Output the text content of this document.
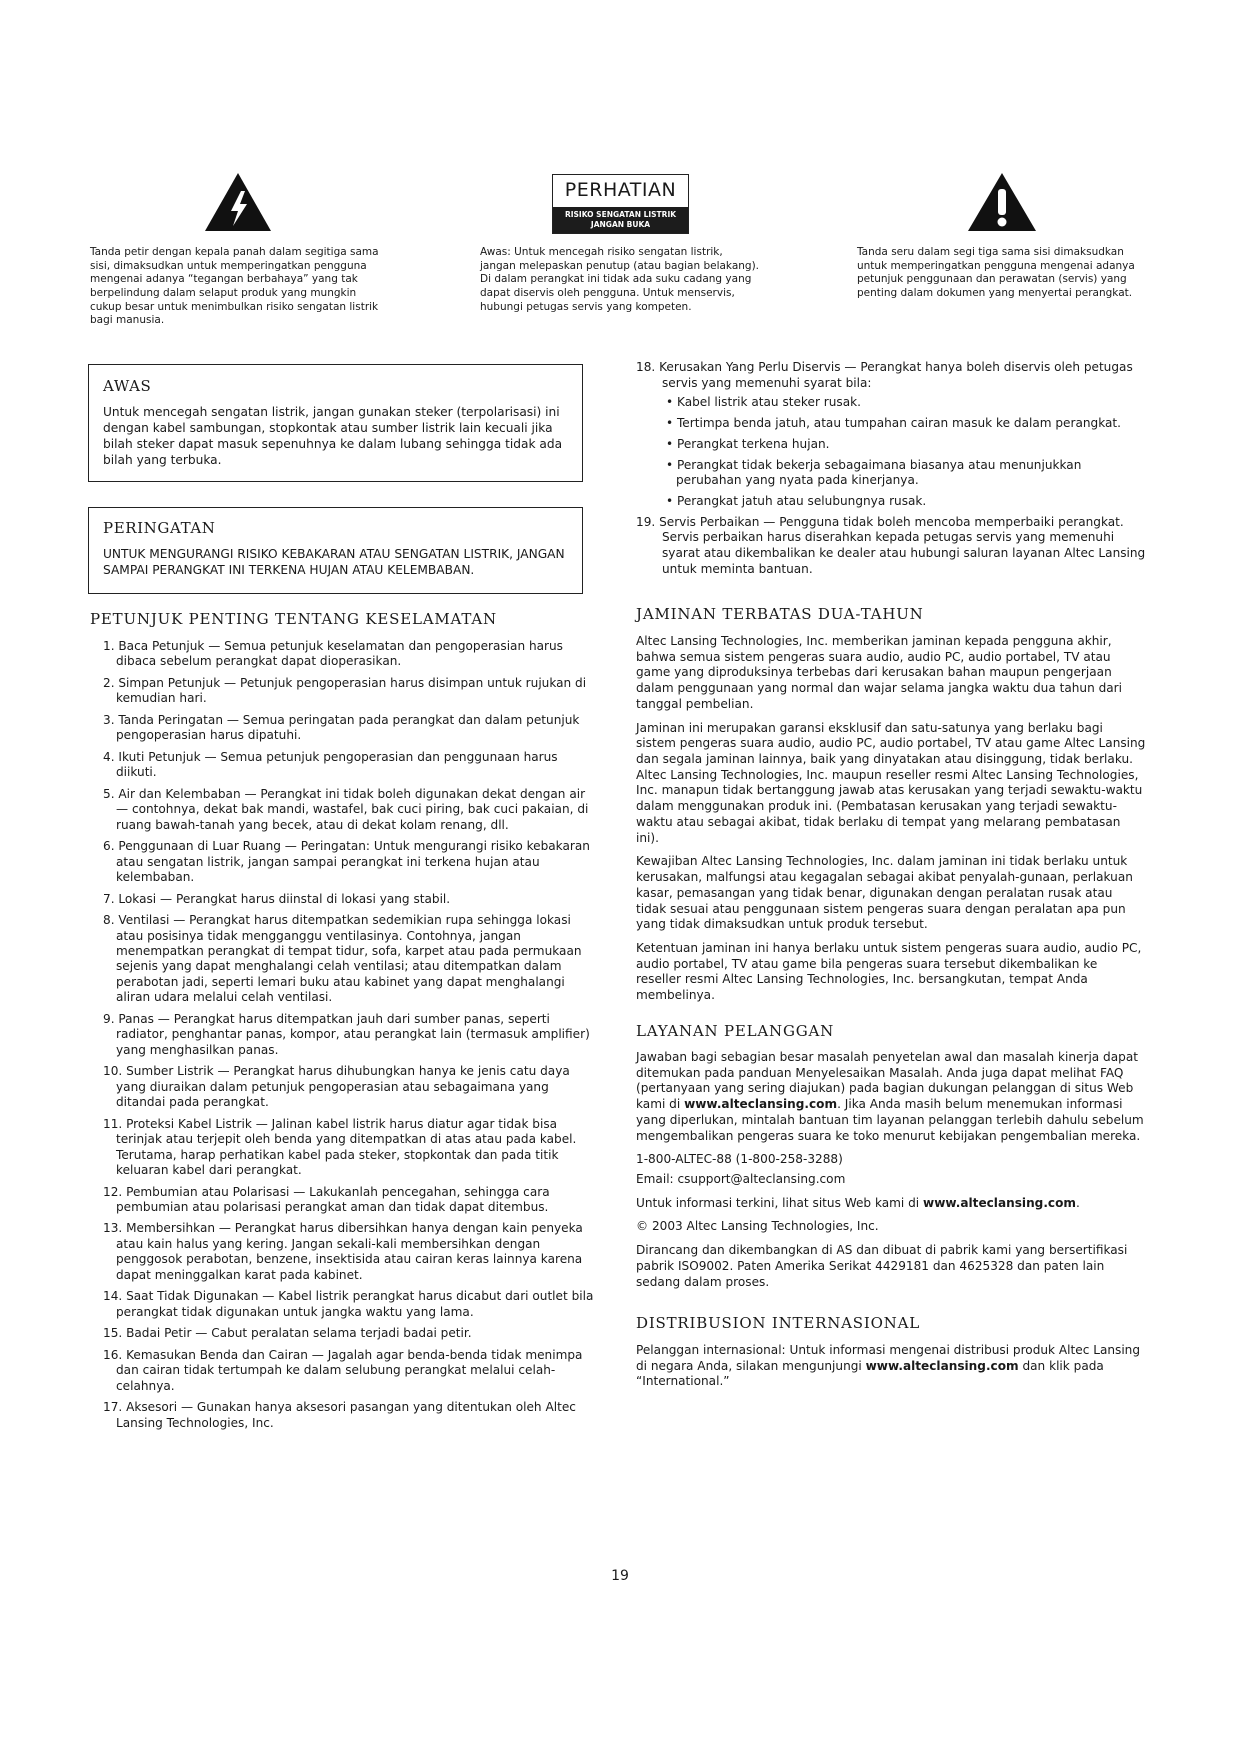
Tanda petir dengan kepala panah dalam segitiga sama sisi, dimaksudkan untuk memperingatkan pengguna mengenai adanya “tegangan berbahaya” yang tak berpelindung dalam selaput produk yang mungkin cukup besar untuk menimbulkan risiko sengatan listrik bagi manusia.
PERHATIAN
RISIKO SENGATAN LISTRIK
JANGAN BUKA
Awas: Untuk mencegah risiko sengatan listrik, jangan melepaskan penutup (atau bagian belakang). Di dalam perangkat ini tidak ada suku cadang yang dapat diservis oleh pengguna. Untuk menservis, hubungi petugas servis yang kompeten.
Tanda seru dalam segi tiga sama sisi dimaksudkan untuk memperingatkan pengguna mengenai adanya petunjuk penggunaan dan perawatan (servis) yang penting dalam dokumen yang menyertai perangkat.
AWAS
Untuk mencegah sengatan listrik, jangan gunakan steker (terpolarisasi) ini dengan kabel sambungan, stopkontak atau sumber listrik lain kecuali jika bilah steker dapat masuk sepenuhnya ke dalam lubang sehingga tidak ada bilah yang terbuka.
PERINGATAN
UNTUK MENGURANGI RISIKO KEBAKARAN ATAU SENGATAN LISTRIK, JANGAN SAMPAI PERANGKAT INI TERKENA HUJAN ATAU KELEMBABAN.
PETUNJUK PENTING TENTANG KESELAMATAN
1. Baca Petunjuk — Semua petunjuk keselamatan dan pengoperasian harus dibaca sebelum perangkat dapat dioperasikan.
2. Simpan Petunjuk — Petunjuk pengoperasian harus disimpan untuk rujukan di kemudian hari.
3. Tanda Peringatan — Semua peringatan pada perangkat dan dalam petunjuk pengoperasian harus dipatuhi.
4. Ikuti Petunjuk — Semua petunjuk pengoperasian dan penggunaan harus diikuti.
5. Air dan Kelembaban — Perangkat ini tidak boleh digunakan dekat dengan air — contohnya, dekat bak mandi, wastafel, bak cuci piring, bak cuci pakaian, di ruang bawah-tanah yang becek, atau di dekat kolam renang, dll.
6. Penggunaan di Luar Ruang — Peringatan: Untuk mengurangi risiko kebakaran atau sengatan listrik, jangan sampai perangkat ini terkena hujan atau kelembaban.
7. Lokasi — Perangkat harus diinstal di lokasi yang stabil.
8. Ventilasi — Perangkat harus ditempatkan sedemikian rupa sehingga lokasi atau posisinya tidak mengganggu ventilasinya. Contohnya, jangan menempatkan perangkat di tempat tidur, sofa, karpet atau pada permukaan sejenis yang dapat menghalangi celah ventilasi; atau ditempatkan dalam perabotan jadi, seperti lemari buku atau kabinet yang dapat menghalangi aliran udara melalui celah ventilasi.
9. Panas — Perangkat harus ditempatkan jauh dari sumber panas, seperti radiator, penghantar panas, kompor, atau perangkat lain (termasuk amplifier) yang menghasilkan panas.
10. Sumber Listrik — Perangkat harus dihubungkan hanya ke jenis catu daya yang diuraikan dalam petunjuk pengoperasian atau sebagaimana yang ditandai pada perangkat.
11. Proteksi Kabel Listrik — Jalinan kabel listrik harus diatur agar tidak bisa terinjak atau terjepit oleh benda yang ditempatkan di atas atau pada kabel. Terutama, harap perhatikan kabel pada steker, stopkontak dan pada titik keluaran kabel dari perangkat.
12. Pembumian atau Polarisasi — Lakukanlah pencegahan, sehingga cara pembumian atau polarisasi perangkat aman dan tidak dapat ditembus.
13. Membersihkan — Perangkat harus dibersihkan hanya dengan kain penyeka atau kain halus yang kering. Jangan sekali-kali membersihkan dengan penggosok perabotan, benzene, insektisida atau cairan keras lainnya karena dapat meninggalkan karat pada kabinet.
14. Saat Tidak Digunakan — Kabel listrik perangkat harus dicabut dari outlet bila perangkat tidak digunakan untuk jangka waktu yang lama.
15. Badai Petir — Cabut peralatan selama terjadi badai petir.
16. Kemasukan Benda dan Cairan — Jagalah agar benda-benda tidak menimpa dan cairan tidak tertumpah ke dalam selubung perangkat melalui celah-celahnya.
17. Aksesori — Gunakan hanya aksesori pasangan yang ditentukan oleh Altec Lansing Technologies, Inc.
18. Kerusakan Yang Perlu Diservis — Perangkat hanya boleh diservis oleh petugas servis yang memenuhi syarat bila:
• Kabel listrik atau steker rusak.
• Tertimpa benda jatuh, atau tumpahan cairan masuk ke dalam perangkat.
• Perangkat terkena hujan.
• Perangkat tidak bekerja sebagaimana biasanya atau menunjukkan perubahan yang nyata pada kinerjanya.
• Perangkat jatuh atau selubungnya rusak.
19. Servis Perbaikan — Pengguna tidak boleh mencoba memperbaiki perangkat. Servis perbaikan harus diserahkan kepada petugas servis yang memenuhi syarat atau dikembalikan ke dealer atau hubungi saluran layanan Altec Lansing untuk meminta bantuan.
JAMINAN TERBATAS DUA-TAHUN

Altec Lansing Technologies, Inc. memberikan jaminan kepada pengguna akhir, bahwa semua sistem pengeras suara audio, audio PC, audio portabel, TV atau game yang diproduksinya terbebas dari kerusakan bahan maupun pengerjaan dalam penggunaan yang normal dan wajar selama jangka waktu dua tahun dari tanggal pembelian.

Jaminan ini merupakan garansi eksklusif dan satu-satunya yang berlaku bagi sistem pengeras suara audio, audio PC, audio portabel, TV atau game Altec Lansing dan segala jaminan lainnya, baik yang dinyatakan atau disinggung, tidak berlaku. Altec Lansing Technologies, Inc. maupun reseller resmi Altec Lansing Technologies, Inc. manapun tidak bertanggung jawab atas kerusakan yang terjadi sewaktu-waktu dalam menggunakan produk ini. (Pembatasan kerusakan yang terjadi sewaktu-waktu atau sebagai akibat, tidak berlaku di tempat yang melarang pembatasan ini).

Kewajiban Altec Lansing Technologies, Inc. dalam jaminan ini tidak berlaku untuk kerusakan, malfungsi atau kegagalan sebagai akibat penyalah-gunaan, perlakuan kasar, pemasangan yang tidak benar, digunakan dengan peralatan rusak atau tidak sesuai atau penggunaan sistem pengeras suara dengan peralatan apa pun yang tidak dimaksudkan untuk produk tersebut.

Ketentuan jaminan ini hanya berlaku untuk sistem pengeras suara audio, audio PC, audio portabel, TV atau game bila pengeras suara tersebut dikembalikan ke reseller resmi Altec Lansing Technologies, Inc. bersangkutan, tempat Anda membelinya.

LAYANAN PELANGGAN

Jawaban bagi sebagian besar masalah penyetelan awal dan masalah kinerja dapat ditemukan pada panduan Menyelesaikan Masalah. Anda juga dapat melihat FAQ (pertanyaan yang sering diajukan) pada bagian dukungan pelanggan di situs Web kami di www.alteclansing.com. Jika Anda masih belum menemukan informasi yang diperlukan, mintalah bantuan tim layanan pelanggan terlebih dahulu sebelum mengembalikan pengeras suara ke toko menurut kebijakan pengembalian mereka.

1-800-ALTEC-88 (1-800-258-3288)

Email: csupport@alteclansing.com

Untuk informasi terkini, lihat situs Web kami di www.alteclansing.com.

© 2003 Altec Lansing Technologies, Inc.

Dirancang dan dikembangkan di AS dan dibuat di pabrik kami yang bersertifikasi pabrik ISO9002. Paten Amerika Serikat 4429181 dan 4625328 dan paten lain sedang dalam proses.

DISTRIBUSION INTERNASIONAL

Pelanggan internasional: Untuk informasi mengenai distribusi produk Altec Lansing di negara Anda, silakan mengunjungi www.alteclansing.com dan klik pada “International.”

19
